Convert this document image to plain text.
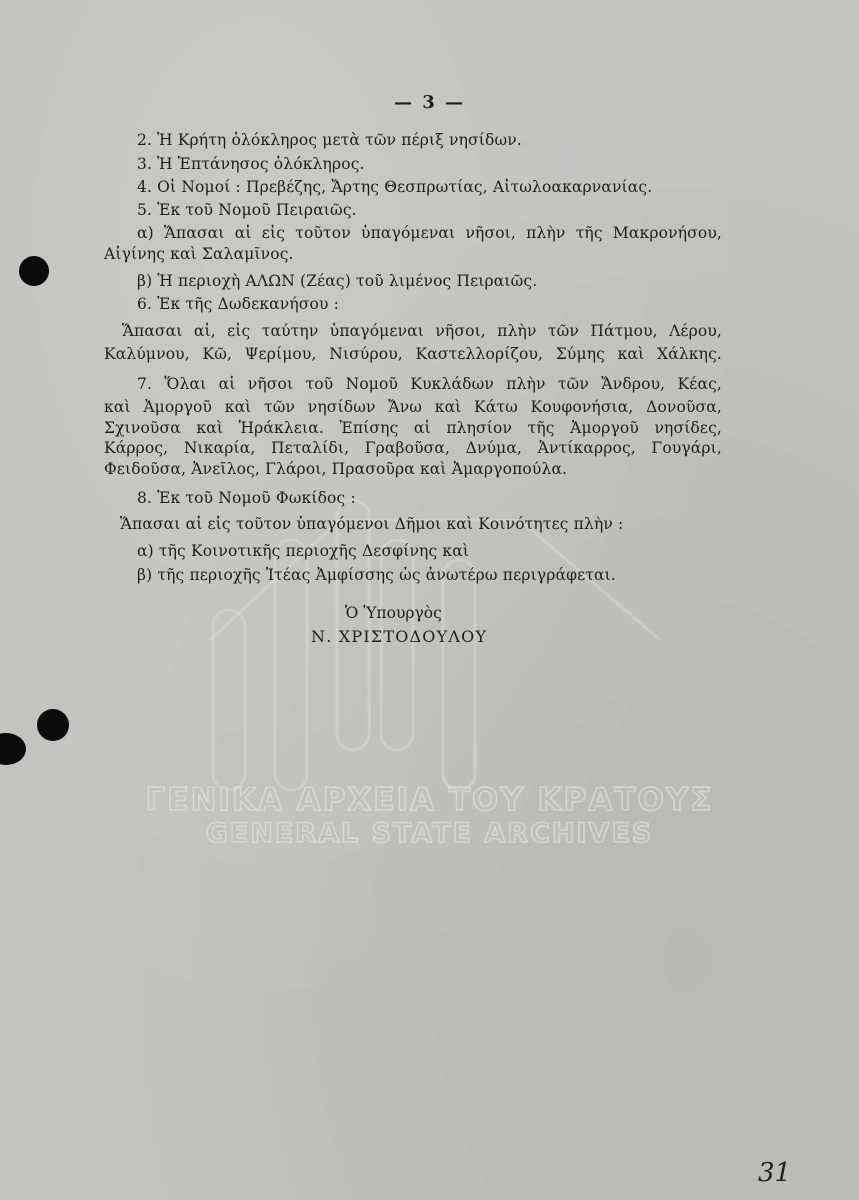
— 3 —
2. Ἡ Κρήτη ὁλόκληρος μετὰ τῶν πέριξ νησίδων.
3. Ἡ Ἑπτάνησος ὁλόκληρος.
4. Οἱ Νομοί : Πρεβέζης, Ἄρτης Θεσπρωτίας, Αἰτωλοακαρνανίας.
5. Ἐκ τοῦ Νομοῦ Πειραιῶς.
α) Ἅπασαι αἱ εἰς τοῦτον ὑπαγόμεναι νῆσοι, πλὴν τῆς Μακρονήσου,
Αἰγίνης καὶ Σαλαμῖνος.
β) Ἡ περιοχὴ ΑΛΩΝ (Ζέας) τοῦ λιμένος Πειραιῶς.
6. Ἐκ τῆς Δωδεκανήσου :
Ἅπασαι αἱ, εἰς ταύτην ὑπαγόμεναι νῆσοι, πλὴν τῶν Πάτμου, Λέρου,
Καλύμνου, Κῶ, Ψερίμου, Νισύρου, Καστελλορίζου, Σύμης καὶ Χάλκης.
7. Ὅλαι αἱ νῆσοι τοῦ Νομοῦ Κυκλάδων πλὴν τῶν Ἄνδρου, Κέας,
καὶ Ἀμοργοῦ καὶ τῶν νησίδων Ἄνω καὶ Κάτω Κουφονήσια, Δονοῦσα,
Σχινοῦσα καὶ Ἡράκλεια. Ἐπίσης αἱ πλησίον τῆς Ἀμοργοῦ νησίδες,
Κάρρος, Νικαρία, Πεταλίδι, Γραβοῦσα, Δνύμα, Ἀντίκαρρος, Γουγάρι,
Φειδοῦσα, Ἀνεῖλος, Γλάροι, Πρασοῦρα καὶ Ἀμαργοπούλα.
8. Ἐκ τοῦ Νομοῦ Φωκίδος :
Ἅπασαι αἱ εἰς τοῦτον ὑπαγόμενοι Δῆμοι καὶ Κοινότητες πλὴν :
α) τῆς Κοινοτικῆς περιοχῆς Δεσφίνης καὶ
β) τῆς περιοχῆς Ἰτέας Ἀμφίσσης ὡς ἀνωτέρω περιγράφεται.
Ὁ Ὑπουργὸς
Ν. ΧΡΙΣΤΟΔΟΥΛΟΥ
ΓΕΝΙΚΑ ΑΡΧΕΙΑ ΤΟΥ ΚΡΑΤΟΥΣ
GENERAL STATE ARCHIVES
31
